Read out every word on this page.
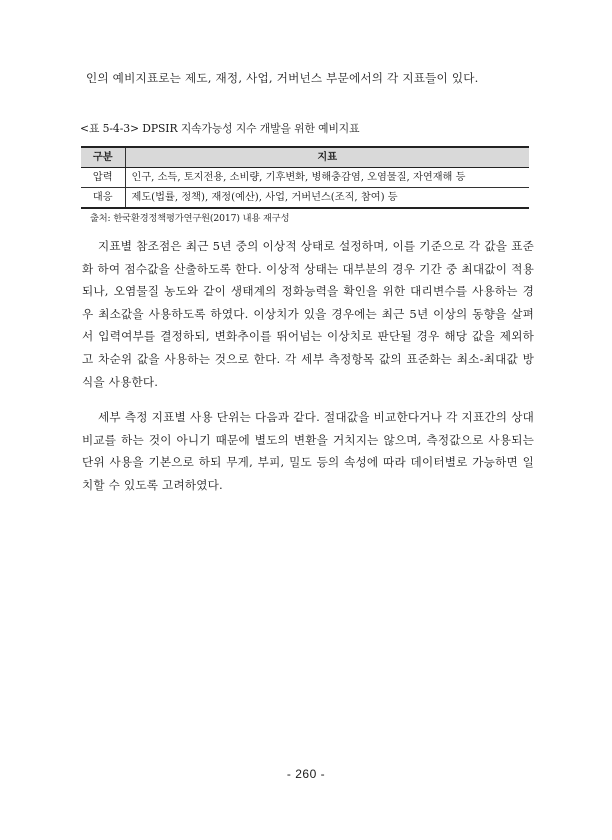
인의 예비지표로는 제도, 재정, 사업, 거버넌스 부문에서의 각 지표들이 있다.

<표 5-4-3> DPSIR 지속가능성 지수 개발을 위한 예비지표
구분	지표
압력	인구, 소득, 토지전용, 소비량, 기후변화, 병해충감염, 오염물질, 자연재해 등
대응	제도(법률, 정책), 재정(예산), 사업, 거버넌스(조직, 참여) 등
출처: 한국환경정책평가연구원(2017) 내용 재구성

지표별 참조점은 최근 5년 중의 이상적 상태로 설정하며, 이를 기준으로 각 값을 표준화 하여 점수값을 산출하도록 한다. 이상적 상태는 대부분의 경우 기간 중 최대값이 적용되나, 오염물질 농도와 같이 생태계의 정화능력을 확인을 위한 대리변수를 사용하는 경우 최소값을 사용하도록 하였다. 이상치가 있을 경우에는 최근 5년 이상의 동향을 살펴서 입력여부를 결정하되, 변화추이를 뛰어넘는 이상치로 판단될 경우 해당 값을 제외하고 차순위 값을 사용하는 것으로 한다. 각 세부 측정항목 값의 표준화는 최소-최대값 방식을 사용한다.

세부 측정 지표별 사용 단위는 다음과 같다. 절대값을 비교한다거나 각 지표간의 상대비교를 하는 것이 아니기 때문에 별도의 변환을 거치지는 않으며, 측정값으로 사용되는 단위 사용을 기본으로 하되 무게, 부피, 밀도 등의 속성에 따라 데이터별로 가능하면 일치할 수 있도록 고려하였다.

- 260 -
